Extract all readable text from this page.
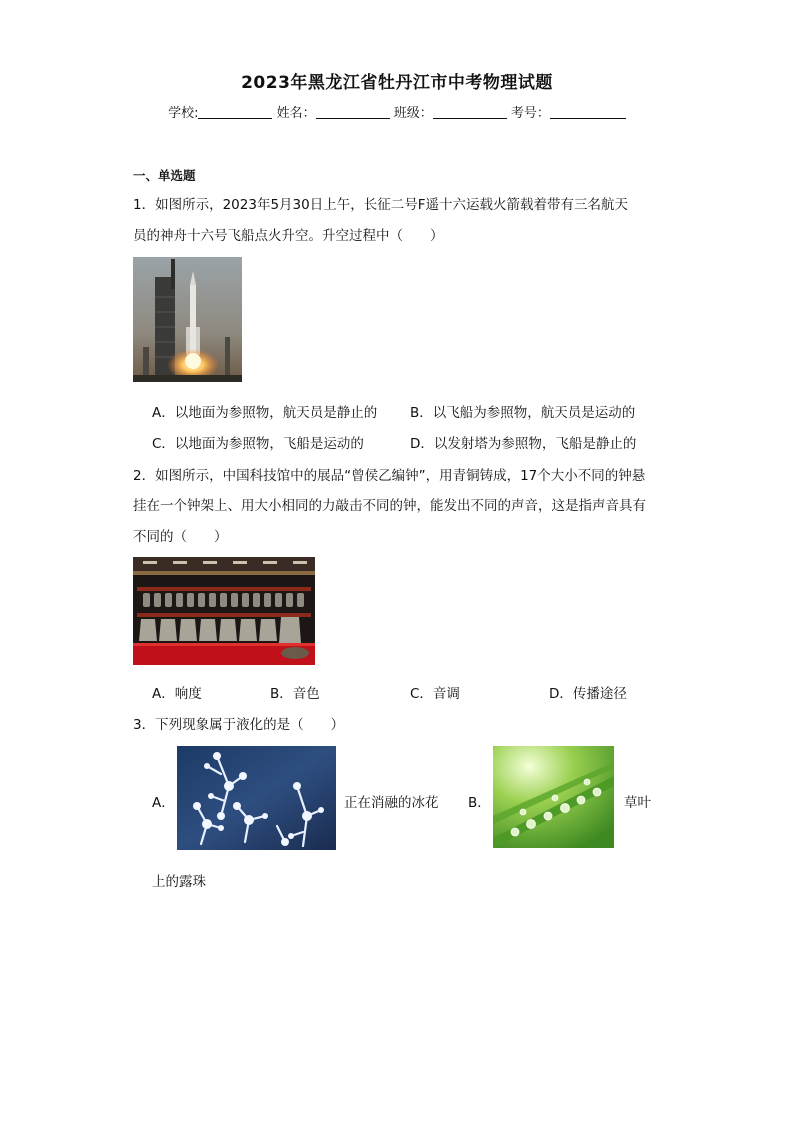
2023年黑龙江省牡丹江市中考物理试题
学校:	姓名：	班级：	考号：
一、单选题
1．如图所示，2023年5月30日上午，长征二号F遥十六运载火箭载着带有三名航天
员的神舟十六号飞船点火升空。升空过程中（　　）
A．以地面为参照物，航天员是静止的 B．以飞船为参照物，航天员是运动的
C．以地面为参照物，飞船是运动的	D．以发射塔为参照物，飞船是静止的
2．如图所示，中国科技馆中的展品“曾侯乙编钟”，用青铜铸成，17个大小不同的钟悬
挂在一个钟架上、用大小相同的力敲击不同的钟，能发出不同的声音，这是指声音具有
不同的（　　）
A．响度	B．音色	C．音调	D．传播途径
3．下列现象属于液化的是（　　）
A．	正在消融的冰花 B．	草叶
上的露珠
